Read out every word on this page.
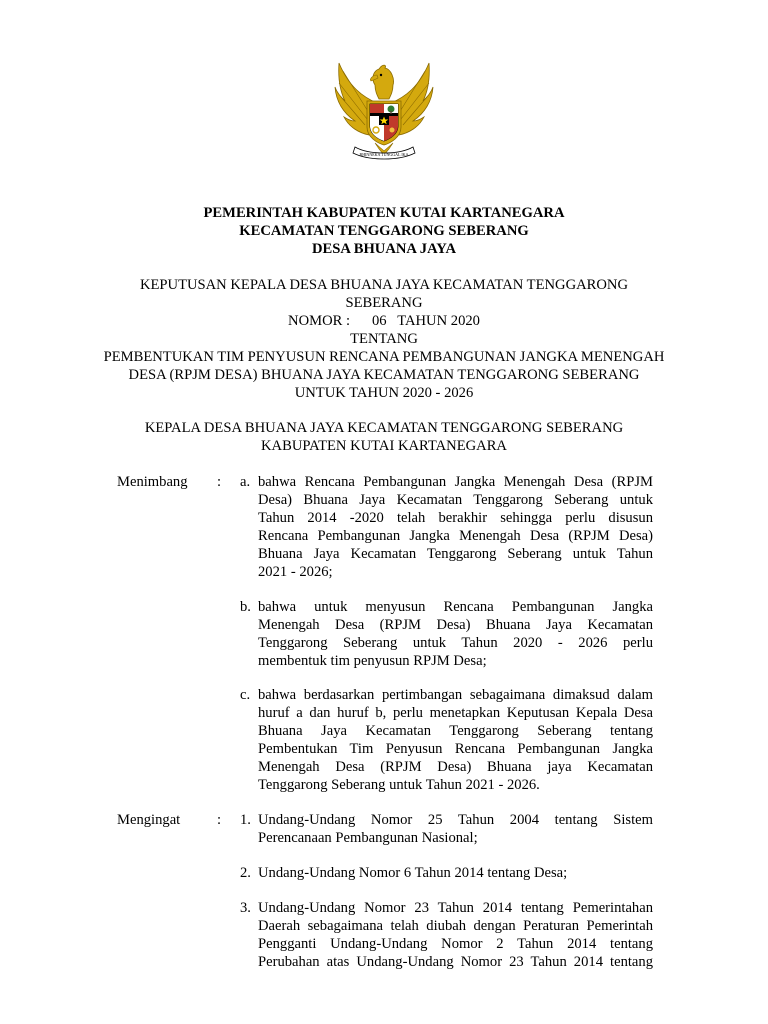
BHINNEKA TUNGGAL IKA
PEMERINTAH KABUPATEN KUTAI KARTANEGARA
KECAMATAN TENGGARONG SEBERANG
DESA BHUANA JAYA
KEPUTUSAN KEPALA DESA BHUANA JAYA KECAMATAN TENGGARONG
SEBERANG
NOMOR :      06   TAHUN 2020
TENTANG
PEMBENTUKAN TIM PENYUSUN RENCANA PEMBANGUNAN JANGKA MENENGAH
DESA (RPJM DESA) BHUANA JAYA KECAMATAN TENGGARONG SEBERANG
UNTUK TAHUN 2020 - 2026
KEPALA DESA BHUANA JAYA KECAMATAN TENGGARONG SEBERANG
KABUPATEN KUTAI KARTANEGARA
Menimbang : a. bahwa Rencana Pembangunan Jangka Menengah Desa (RPJM
Desa) Bhuana Jaya Kecamatan Tenggarong Seberang untuk
Tahun 2014 -2020 telah berakhir sehingga perlu disusun
Rencana Pembangunan Jangka Menengah Desa (RPJM Desa)
Bhuana Jaya Kecamatan Tenggarong Seberang untuk Tahun
2021 - 2026;
b. bahwa untuk menyusun Rencana Pembangunan Jangka
Menengah Desa (RPJM Desa) Bhuana Jaya Kecamatan
Tenggarong Seberang untuk Tahun 2020 - 2026 perlu
membentuk tim penyusun RPJM Desa;
c. bahwa berdasarkan pertimbangan sebagaimana dimaksud dalam
huruf a dan huruf b, perlu menetapkan Keputusan Kepala Desa
Bhuana Jaya Kecamatan Tenggarong Seberang tentang
Pembentukan Tim Penyusun Rencana Pembangunan Jangka
Menengah Desa (RPJM Desa) Bhuana jaya Kecamatan
Tenggarong Seberang untuk Tahun 2021 - 2026.
Mengingat	: 1. Undang-Undang Nomor 25 Tahun 2004 tentang Sistem
Perencanaan Pembangunan Nasional;
2. Undang-Undang Nomor 6 Tahun 2014 tentang Desa;
3. Undang-Undang Nomor 23 Tahun 2014 tentang Pemerintahan
Daerah sebagaimana telah diubah dengan Peraturan Pemerintah
Pengganti Undang-Undang Nomor 2 Tahun 2014 tentang
Perubahan atas Undang-Undang Nomor 23 Tahun 2014 tentang
